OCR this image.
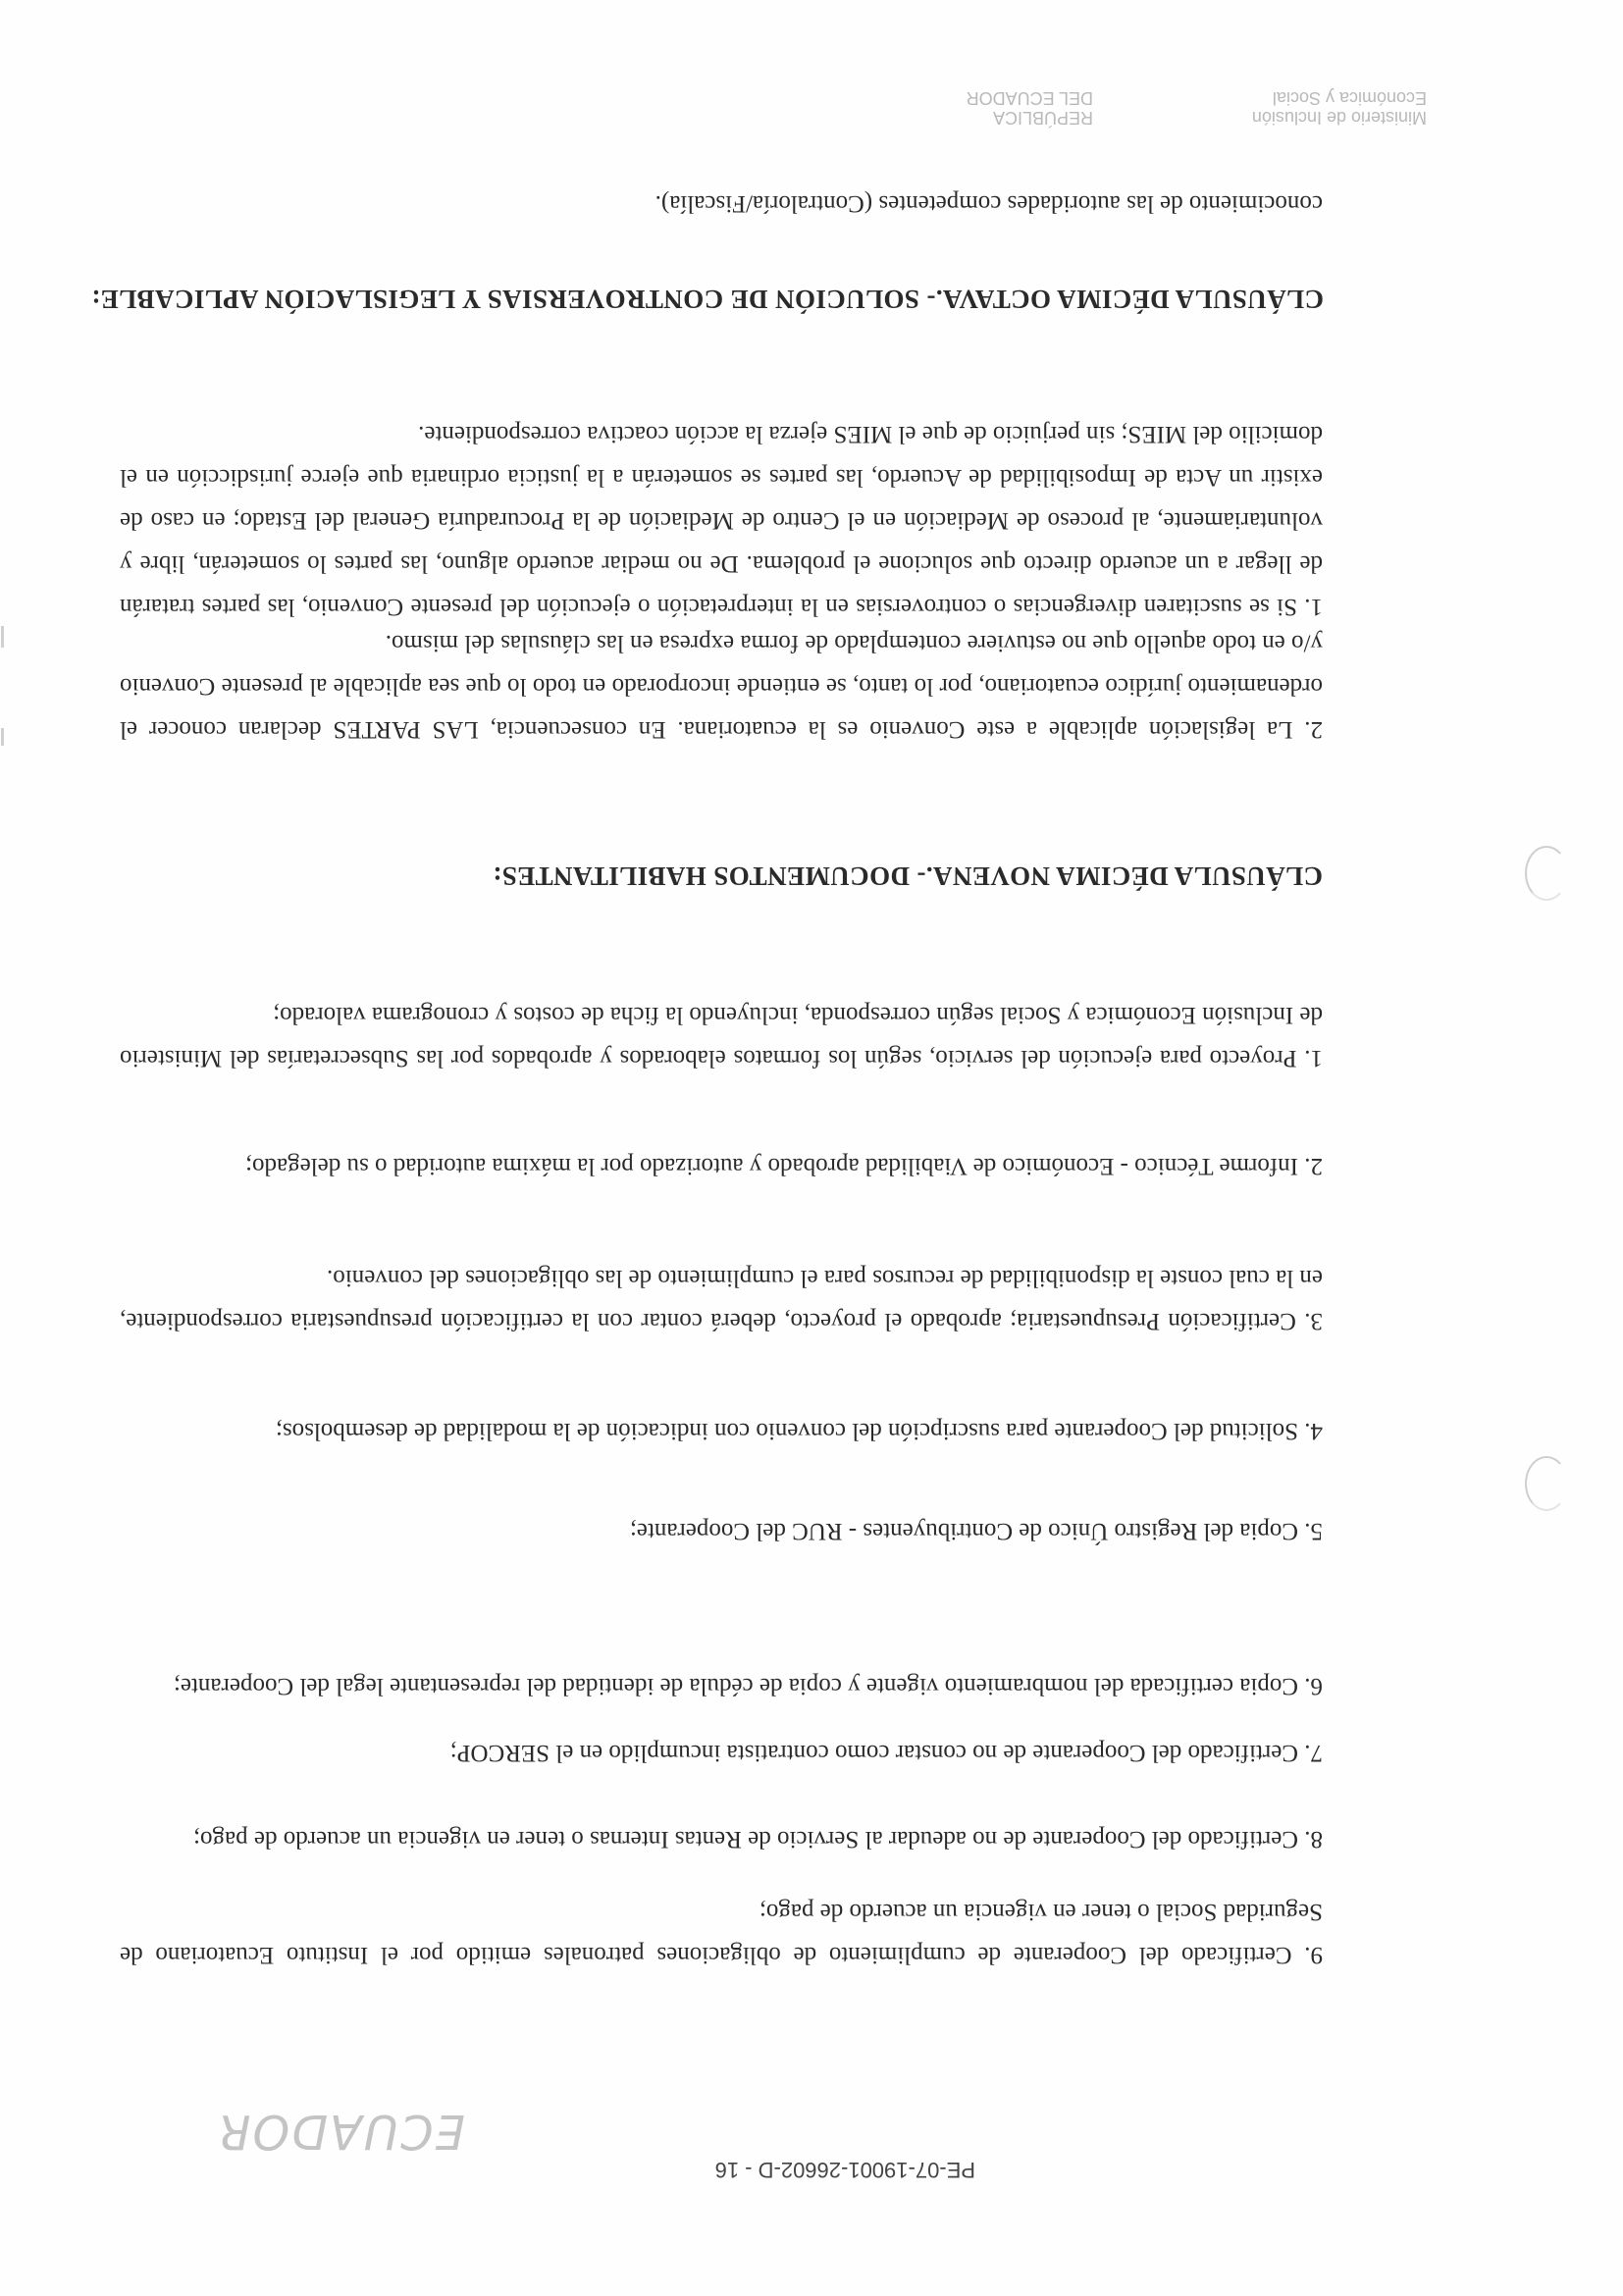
Ministerio de Inclusión
Económica y Social
REPÚBLICA
DEL ECUADOR
conocimiento de las autoridades competentes (Contraloría/Fiscalía).
CLÁUSULA DÉCIMA OCTAVA.- SOLUCIÓN DE CONTROVERSIAS Y LEGISLACIÓN APLICABLE:
1. Si se suscitaren divergencias o controversias en la interpretación o ejecución del presente Convenio, las partes tratarán de llegar a un acuerdo directo que solucione el problema. De no mediar acuerdo alguno, las partes lo someterán, libre y voluntariamente, al proceso de Mediación en el Centro de Mediación de la Procuraduría General del Estado; en caso de existir un Acta de Imposibilidad de Acuerdo, las partes se someterán a la justicia ordinaria que ejerce jurisdicción en el domicilio del MIES; sin perjuicio de que el MIES ejerza la acción coactiva correspondiente.
2. La legislación aplicable a este Convenio es la ecuatoriana. En consecuencia, LAS PARTES declaran conocer el ordenamiento jurídico ecuatoriano, por lo tanto, se entiende incorporado en todo lo que sea aplicable al presente Convenio y/o en todo aquello que no estuviere contemplado de forma expresa en las cláusulas del mismo.
CLÁUSULA DÉCIMA NOVENA.- DOCUMENTOS HABILITANTES:
1. Proyecto para ejecución del servicio, según los formatos elaborados y aprobados por las Subsecretarías del Ministerio de Inclusión Económica y Social según corresponda, incluyendo la ficha de costos y cronograma valorado;
2. Informe Técnico - Económico de Viabilidad aprobado y autorizado por la máxima autoridad o su delegado;
3. Certificación Presupuestaria; aprobado el proyecto, deberá contar con la certificación presupuestaria correspondiente, en la cual conste la disponibilidad de recursos para el cumplimiento de las obligaciones del convenio.
4. Solicitud del Cooperante para suscripción del convenio con indicación de la modalidad de desembolsos;
5. Copia del Registro Único de Contribuyentes - RUC del Cooperante;
6. Copia certificada del nombramiento vigente y copia de cédula de identidad del representante legal del Cooperante;
7. Certificado del Cooperante de no constar como contratista incumplido en el SERCOP;
8. Certificado del Cooperante de no adeudar al Servicio de Rentas Internas o tener en vigencia un acuerdo de pago;
9. Certificado del Cooperante de cumplimiento de obligaciones patronales emitido por el Instituto Ecuatoriano de Seguridad Social o tener en vigencia un acuerdo de pago;
ECUADOR
PE-07-19001-26602-D - 16
